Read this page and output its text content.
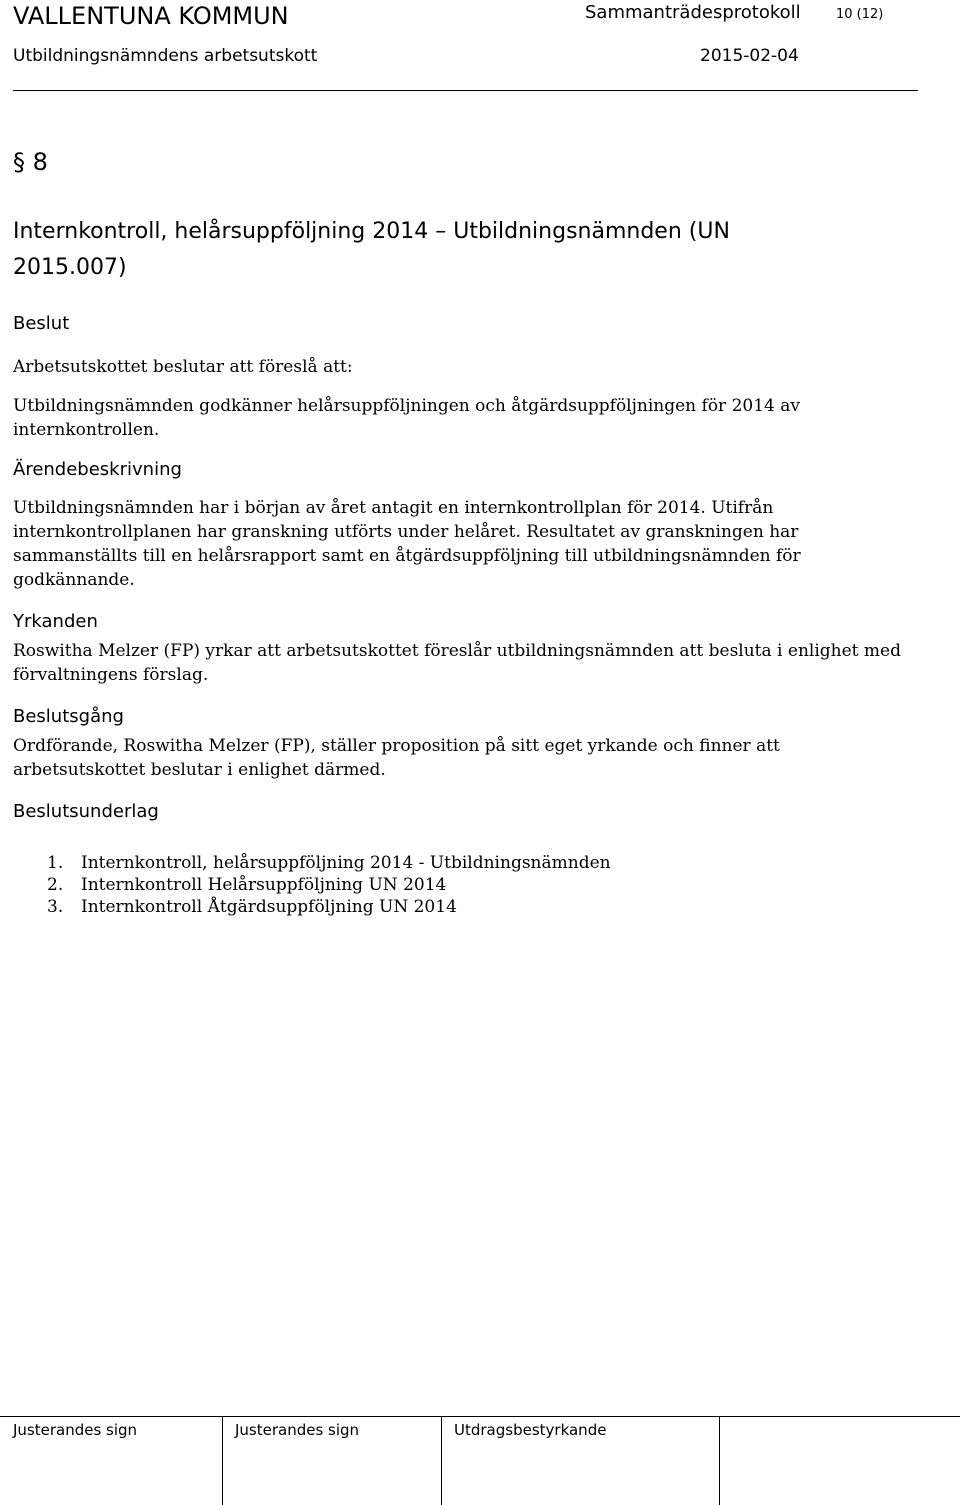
VALLENTUNA KOMMUN	Sammanträdesprotokoll	10 (12)
Utbildningsnämndens arbetsutskott	2015-02-04
§ 8
Internkontroll, helårsuppföljning 2014 – Utbildningsnämnden (UN 2015.007)
Beslut
Arbetsutskottet beslutar att föreslå att:
Utbildningsnämnden godkänner helårsuppföljningen och åtgärdsuppföljningen för 2014 av internkontrollen.
Ärendebeskrivning
Utbildningsnämnden har i början av året antagit en internkontrollplan för 2014. Utifrån internkontrollplanen har granskning utförts under helåret. Resultatet av granskningen har sammanställts till en helårsrapport samt en åtgärdsuppföljning till utbildningsnämnden för godkännande.
Yrkanden
Roswitha Melzer (FP) yrkar att arbetsutskottet föreslår utbildningsnämnden att besluta i enlighet med förvaltningens förslag.
Beslutsgång
Ordförande, Roswitha Melzer (FP), ställer proposition på sitt eget yrkande och finner att arbetsutskottet beslutar i enlighet därmed.
Beslutsunderlag
1. Internkontroll, helårsuppföljning 2014 - Utbildningsnämnden
2. Internkontroll Helårsuppföljning UN 2014
3. Internkontroll Åtgärdsuppföljning UN 2014
Justerandes sign	Justerandes sign	Utdragsbestyrkande
